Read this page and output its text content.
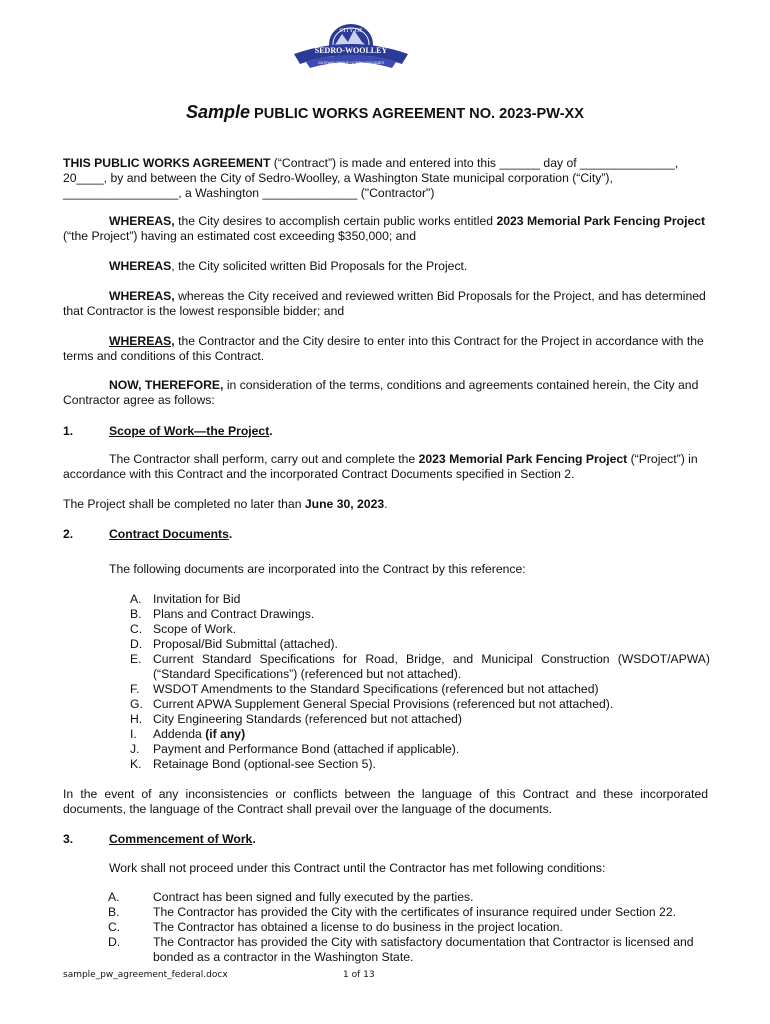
CITY OF
SEDRO-WOOLLEY
GATEWAY TO THE NORTH CASCADES
Sample PUBLIC WORKS AGREEMENT NO. 2023-PW-XX

THIS PUBLIC WORKS AGREEMENT (“Contract”) is made and entered into this ______ day of ______________, 20____, by and between the City of Sedro-Woolley, a Washington State municipal corporation (“City”), _________________, a Washington ______________ ("Contractor")

WHEREAS, the City desires to accomplish certain public works entitled 2023 Memorial Park Fencing Project (“the Project”) having an estimated cost exceeding $350,000; and

WHEREAS, the City solicited written Bid Proposals for the Project.

WHEREAS, whereas the City received and reviewed written Bid Proposals for the Project, and has determined that Contractor is the lowest responsible bidder; and

WHEREAS, the Contractor and the City desire to enter into this Contract for the Project in accordance with the terms and conditions of this Contract.

NOW, THEREFORE, in consideration of the terms, conditions and agreements contained herein, the City and Contractor agree as follows:

1.	Scope of Work—the Project.

The Contractor shall perform, carry out and complete the 2023 Memorial Park Fencing Project (“Project”) in accordance with this Contract and the incorporated Contract Documents specified in Section 2.

The Project shall be completed no later than June 30, 2023.

2.	Contract Documents.

The following documents are incorporated into the Contract by this reference:

A. Invitation for Bid
B. Plans and Contract Drawings.
C. Scope of Work.
D. Proposal/Bid Submittal (attached).
E. Current Standard Specifications for Road, Bridge, and Municipal Construction (WSDOT/APWA) (“Standard Specifications”) (referenced but not attached).
F. WSDOT Amendments to the Standard Specifications (referenced but not attached)
G. Current APWA Supplement General Special Provisions (referenced but not attached).
H. City Engineering Standards (referenced but not attached)
I. Addenda (if any)
J. Payment and Performance Bond (attached if applicable).
K. Retainage Bond (optional-see Section 5).

In the event of any inconsistencies or conflicts between the language of this Contract and these incorporated documents, the language of the Contract shall prevail over the language of the documents.

3.	Commencement of Work.

Work shall not proceed under this Contract until the Contractor has met following conditions:

A.	Contract has been signed and fully executed by the parties.
B.	The Contractor has provided the City with the certificates of insurance required under Section 22.
C.	The Contractor has obtained a license to do business in the project location.
D.	The Contractor has provided the City with satisfactory documentation that Contractor is licensed and bonded as a contractor in the Washington State.
sample_pw_agreement_federal.docx	1 of 13
